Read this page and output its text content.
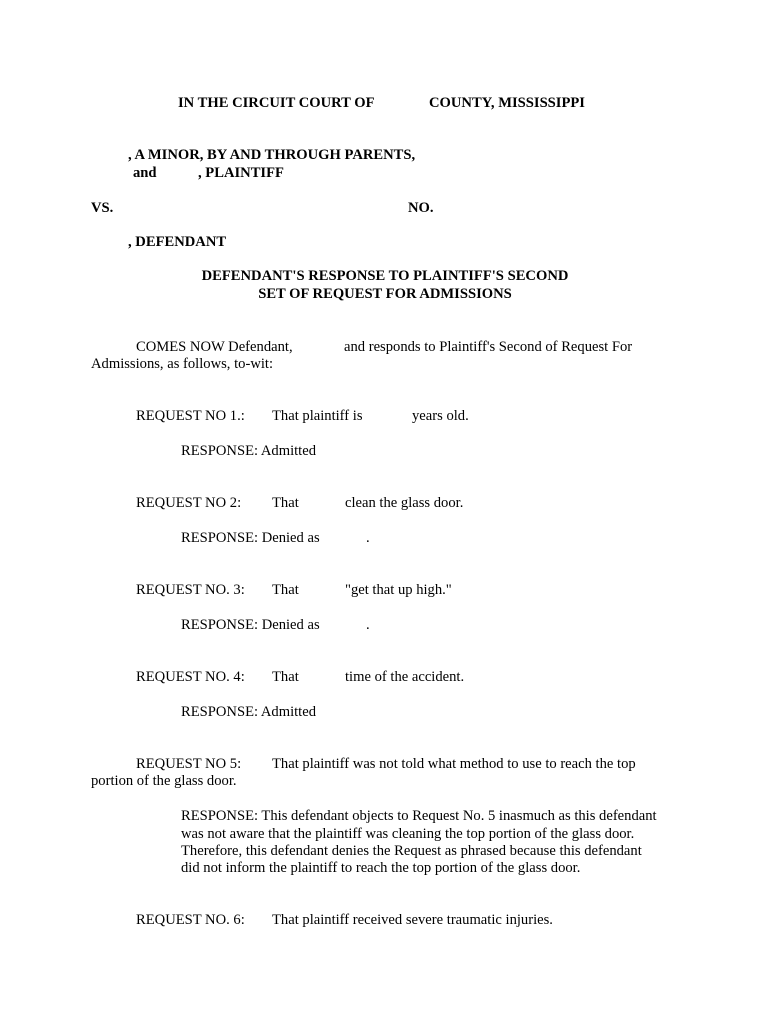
IN THE CIRCUIT COURT OF	COUNTY, MISSISSIPPI
, A MINOR, BY AND THROUGH PARENTS,
and	, PLAINTIFF
VS.	NO.
, DEFENDANT
DEFENDANT'S RESPONSE TO PLAINTIFF'S SECOND
SET OF REQUEST FOR ADMISSIONS
COMES NOW Defendant,	and responds to Plaintiff's Second of Request For
Admissions, as follows, to-wit:
REQUEST NO 1.: That plaintiff is	years old.
RESPONSE: Admitted
REQUEST NO 2: That	clean the glass door.
RESPONSE: Denied as	.
REQUEST NO. 3: That	"get that up high."
RESPONSE: Denied as	.
REQUEST NO. 4: That	time of the accident.
RESPONSE: Admitted
REQUEST NO 5: That plaintiff was not told what method to use to reach the top
portion of the glass door.
RESPONSE: This defendant objects to Request No. 5 inasmuch as this defendant
was not aware that the plaintiff was cleaning the top portion of the glass door.
Therefore, this defendant denies the Request as phrased because this defendant
did not inform the plaintiff to reach the top portion of the glass door.
REQUEST NO. 6: That plaintiff received severe traumatic injuries.
